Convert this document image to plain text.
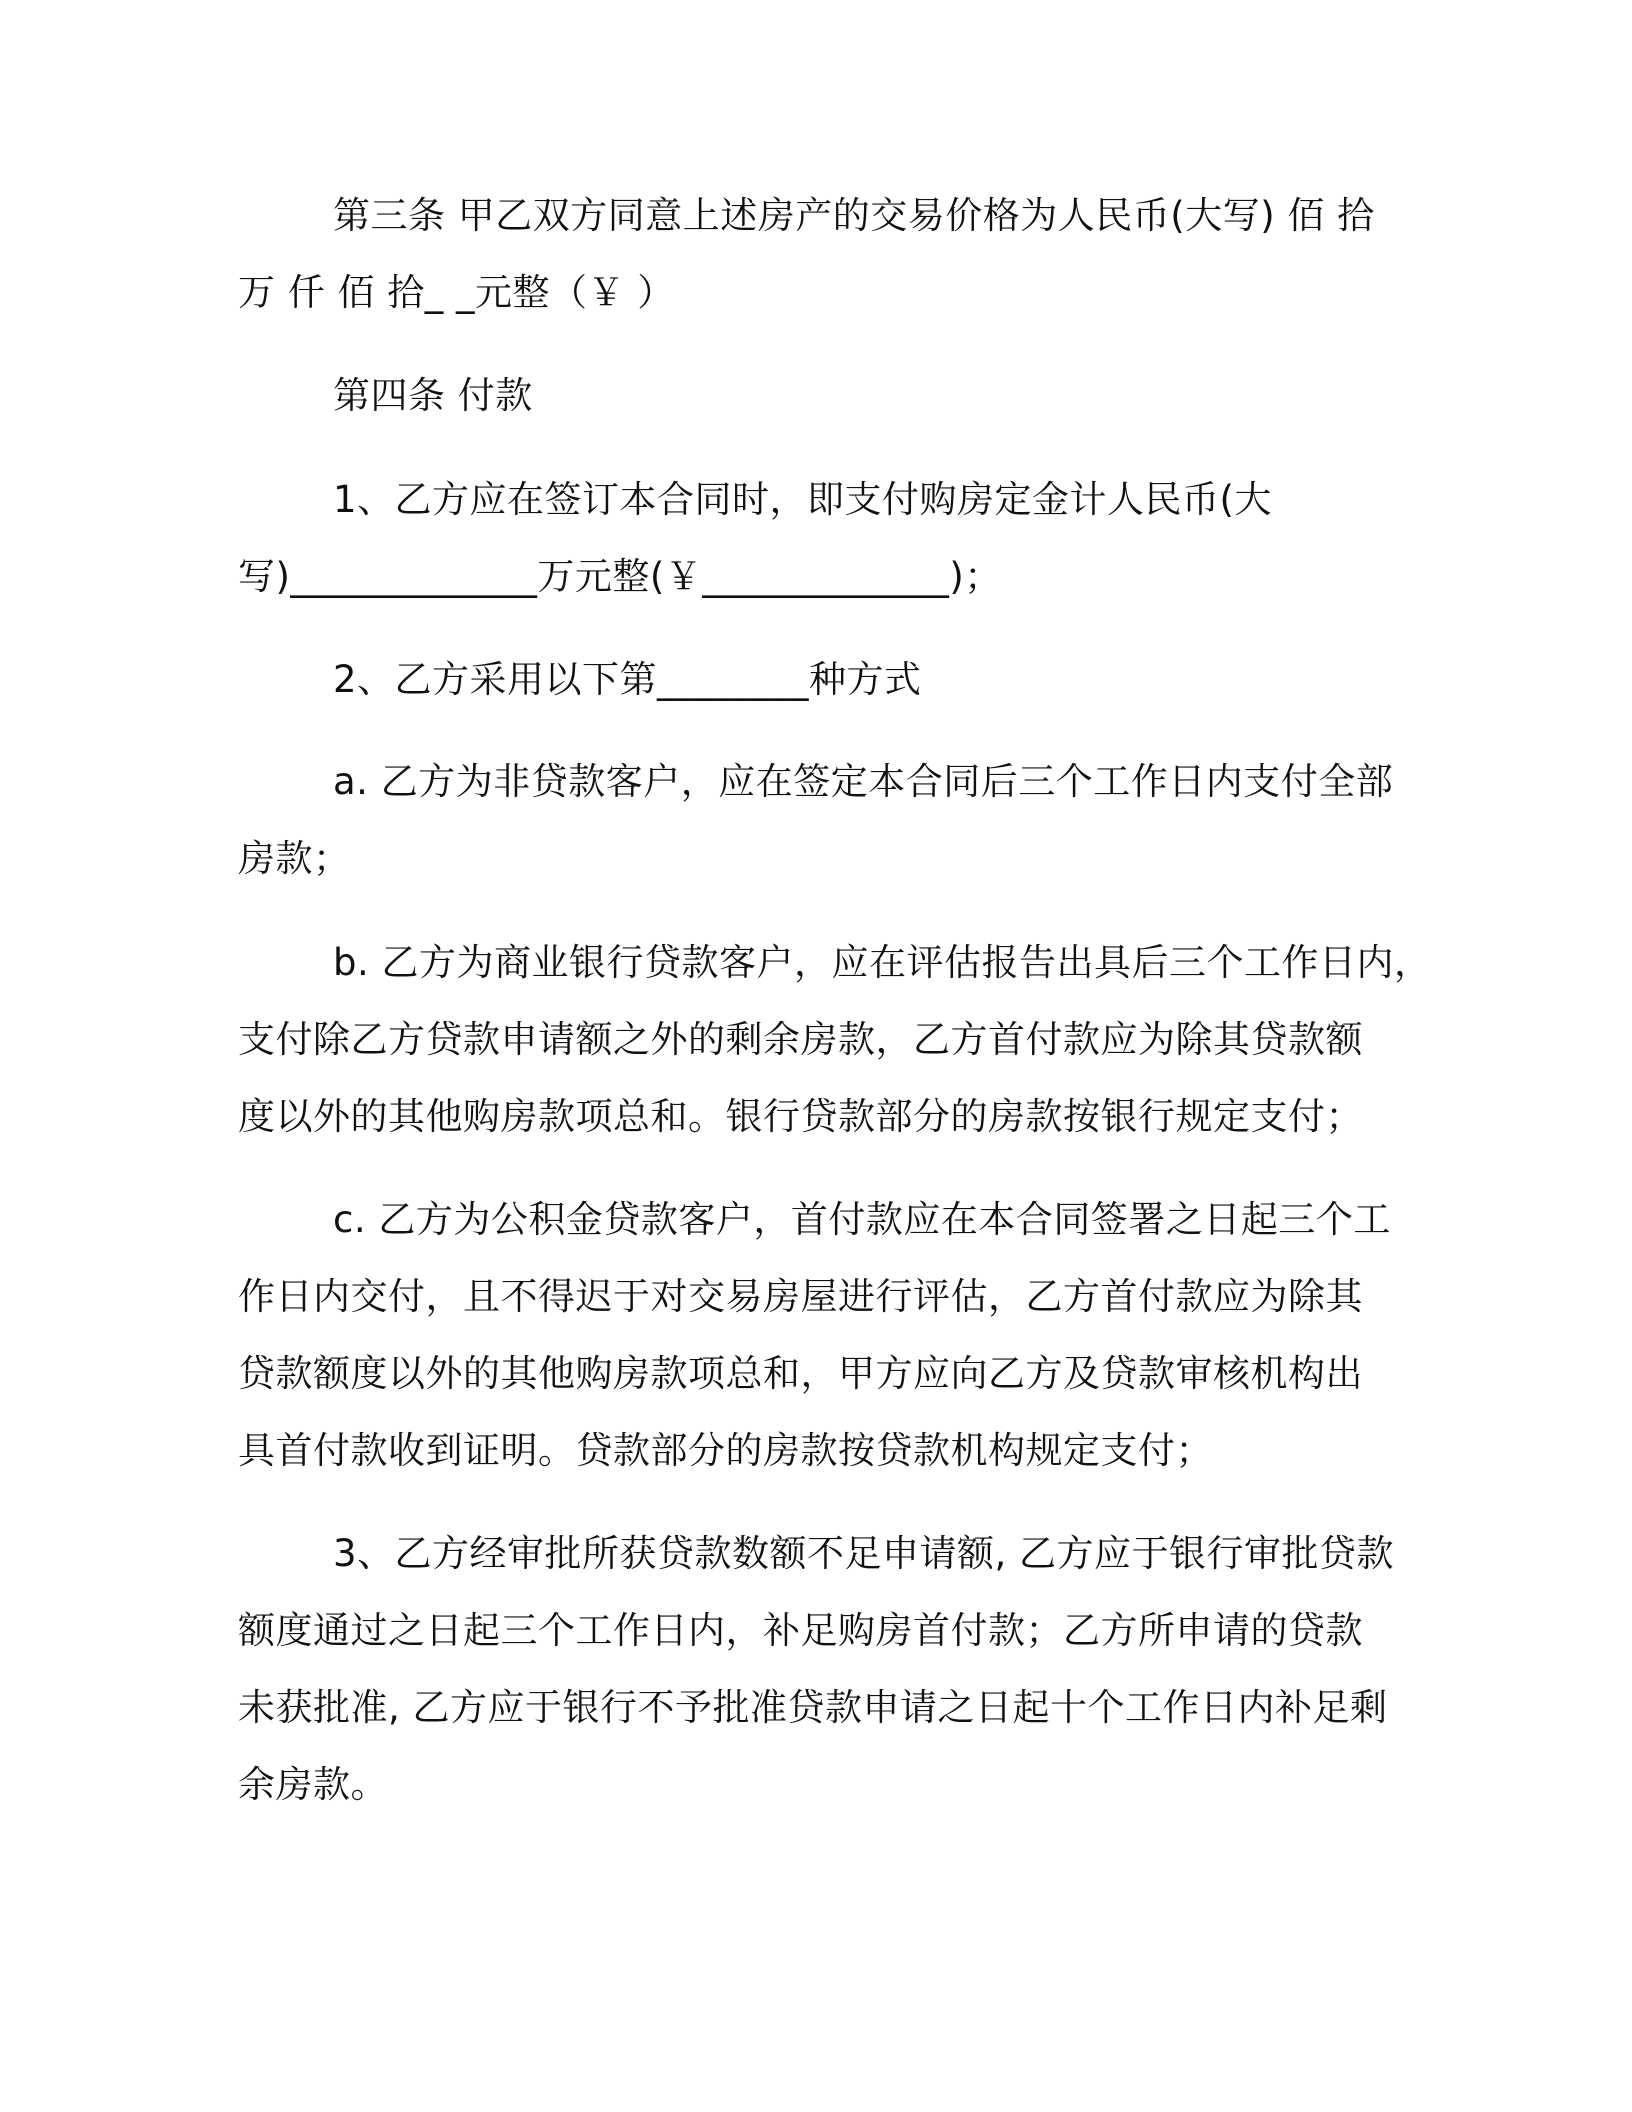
第三条 甲乙双方同意上述房产的交易价格为人民币(大写) 佰 拾
万 仟 佰 拾_ _元整（￥ ）
第四条 付款
1、乙方应在签订本合同时，即支付购房定金计人民币(大
写)_____________万元整(￥_____________)；
2、乙方采用以下第________种方式
a. 乙方为非贷款客户，应在签定本合同后三个工作日内支付全部
房款；
b. 乙方为商业银行贷款客户，应在评估报告出具后三个工作日内，
支付除乙方贷款申请额之外的剩余房款，乙方首付款应为除其贷款额
度以外的其他购房款项总和。银行贷款部分的房款按银行规定支付；
c. 乙方为公积金贷款客户，首付款应在本合同签署之日起三个工
作日内交付，且不得迟于对交易房屋进行评估，乙方首付款应为除其
贷款额度以外的其他购房款项总和，甲方应向乙方及贷款审核机构出
具首付款收到证明。贷款部分的房款按贷款机构规定支付；
3、乙方经审批所获贷款数额不足申请额, 乙方应于银行审批贷款
额度通过之日起三个工作日内，补足购房首付款；乙方所申请的贷款
未获批准, 乙方应于银行不予批准贷款申请之日起十个工作日内补足剩
余房款。
